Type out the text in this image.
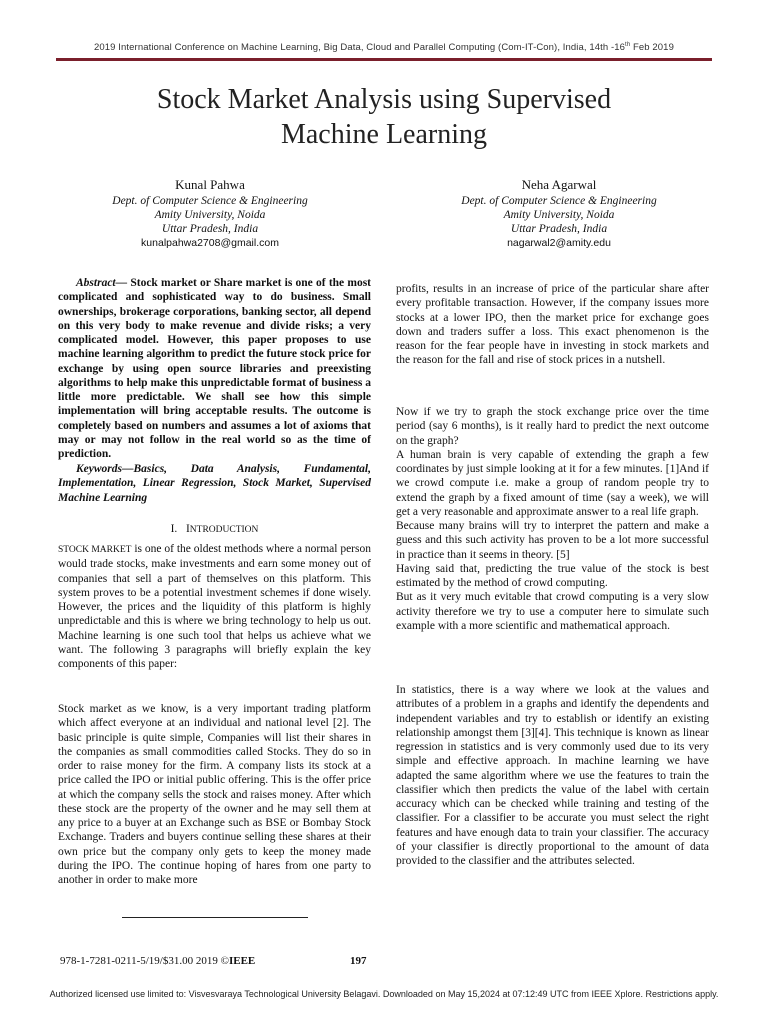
2019 International Conference on Machine Learning, Big Data, Cloud and Parallel Computing (Com-IT-Con), India, 14th -16th Feb 2019
Stock Market Analysis using Supervised
Machine Learning
Kunal Pahwa
Dept. of Computer Science & Engineering
Amity University, Noida
Uttar Pradesh, India
kunalpahwa2708@gmail.com
Neha Agarwal
Dept. of Computer Science & Engineering
Amity University, Noida
Uttar Pradesh, India
nagarwal2@amity.edu

Abstract— Stock market or Share market is one of the most complicated and sophisticated way to do business. Small ownerships, brokerage corporations, banking sector, all depend on this very body to make revenue and divide risks; a very complicated model. However, this paper proposes to use machine learning algorithm to predict the future stock price for exchange by using open source libraries and preexisting algorithms to help make this unpredictable format of business a little more predictable. We shall see how this simple implementation will bring acceptable results. The outcome is completely based on numbers and assumes a lot of axioms that may or may not follow in the real world so as the time of prediction.

Keywords—Basics, Data Analysis, Fundamental, Implementation, Linear Regression, Stock Market, Supervised Machine Learning

I. INTRODUCTION

STOCK MARKET is one of the oldest methods where a normal person would trade stocks, make investments and earn some money out of companies that sell a part of themselves on this platform. This system proves to be a potential investment schemes if done wisely. However, the prices and the liquidity of this platform is highly unpredictable and this is where we bring technology to help us out. Machine learning is one such tool that helps us achieve what we want. The following 3 paragraphs will briefly explain the key components of this paper:

Stock market as we know, is a very important trading platform which affect everyone at an individual and national level [2]. The basic principle is quite simple, Companies will list their shares in the companies as small commodities called Stocks. They do so in order to raise money for the firm. A company lists its stock at a price called the IPO or initial public offering. This is the offer price at which the company sells the stock and raises money. After which these stock are the property of the owner and he may sell them at any price to a buyer at an Exchange such as BSE or Bombay Stock Exchange. Traders and buyers continue selling these shares at their own price but the company only gets to keep the money made during the IPO. The continue hoping of hares from one party to another in order to make more

profits, results in an increase of price of the particular share after every profitable transaction. However, if the company issues more stocks at a lower IPO, then the market price for exchange goes down and traders suffer a loss. This exact phenomenon is the reason for the fear people have in investing in stock markets and the reason for the fall and rise of stock prices in a nutshell.

Now if we try to graph the stock exchange price over the time period (say 6 months), is it really hard to predict the next outcome on the graph?

A human brain is very capable of extending the graph a few coordinates by just simple looking at it for a few minutes. [1]And if we crowd compute i.e. make a group of random people try to extend the graph by a fixed amount of time (say a week), we will get a very reasonable and approximate answer to a real life graph.

Because many brains will try to interpret the pattern and make a guess and this such activity has proven to be a lot more successful in practice than it seems in theory. [5]

Having said that, predicting the true value of the stock is best estimated by the method of crowd computing.

But as it very much evitable that crowd computing is a very slow activity therefore we try to use a computer here to simulate such example with a more scientific and mathematical approach.

In statistics, there is a way where we look at the values and attributes of a problem in a graphs and identify the dependents and independent variables and try to establish or identify an existing relationship amongst them [3][4]. This technique is known as linear regression in statistics and is very commonly used due to its very simple and effective approach. In machine learning we have adapted the same algorithm where we use the features to train the classifier which then predicts the value of the label with certain accuracy which can be checked while training and testing of the classifier. For a classifier to be accurate you must select the right features and have enough data to train your classifier. The accuracy of your classifier is directly proportional to the amount of data provided to the classifier and the attributes selected.

978-1-7281-0211-5/19/$31.00 2019 ©IEEE	197
Authorized licensed use limited to: Visvesvaraya Technological University Belagavi. Downloaded on May 15,2024 at 07:12:49 UTC from IEEE Xplore. Restrictions apply.
